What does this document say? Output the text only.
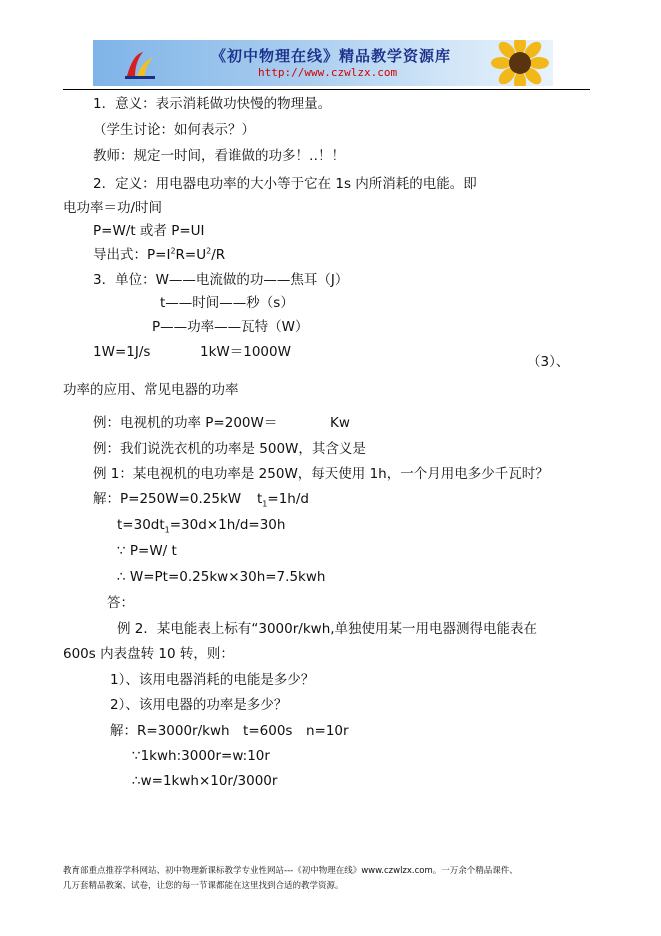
《初中物理在线》精品教学资源库
http://www.czwlzx.com
1．意义：表示消耗做功快慢的物理量。
（学生讨论：如何表示？）
教师：规定一时间，看谁做的功多！‥！！
2．定义：用电器电功率的大小等于它在 1s 内所消耗的电能。即
电功率＝功/时间
P=W/t 或者 P=UI
导出式：$P=I^2R=U^2/R$
3．单位：W——电流做的功——焦耳（J）
t——时间——秒（s）
P——功率——瓦特（W）
1W=1J/s	1kW＝1000W
（3）、
功率的应用、常见电器的功率
例：电视机的功率 P=200W＝	Kw
例：我们说洗衣机的功率是 500W，其含义是
例 1：某电视机的电功率是 250W，每天使用 1h，一个月用电多少千瓦时？
解：P=250W=0.25kW $t_1=1h/d$
$t=30dt_1=30d\times 1h/d=30h$
∵ P=W/ t
∴ W=Pt=0.25kw×30h=7.5kwh
答：
例 2．某电能表上标有“3000r/kwh,单独使用某一用电器测得电能表在
600s 内表盘转 10 转，则：
1）、该用电器消耗的电能是多少？
2）、该用电器的功率是多少？
解：R=3000r/kwh　t=600s　n=10r
∵1kwh:3000r=w:10r
∴w=1kwh×10r/3000r
教育部重点推荐学科网站、初中物理新课标教学专业性网站---《初中物理在线》www.czwlzx.com。一万余个精品课件、
几万套精品教案、试卷，让您的每一节课都能在这里找到合适的教学资源。
